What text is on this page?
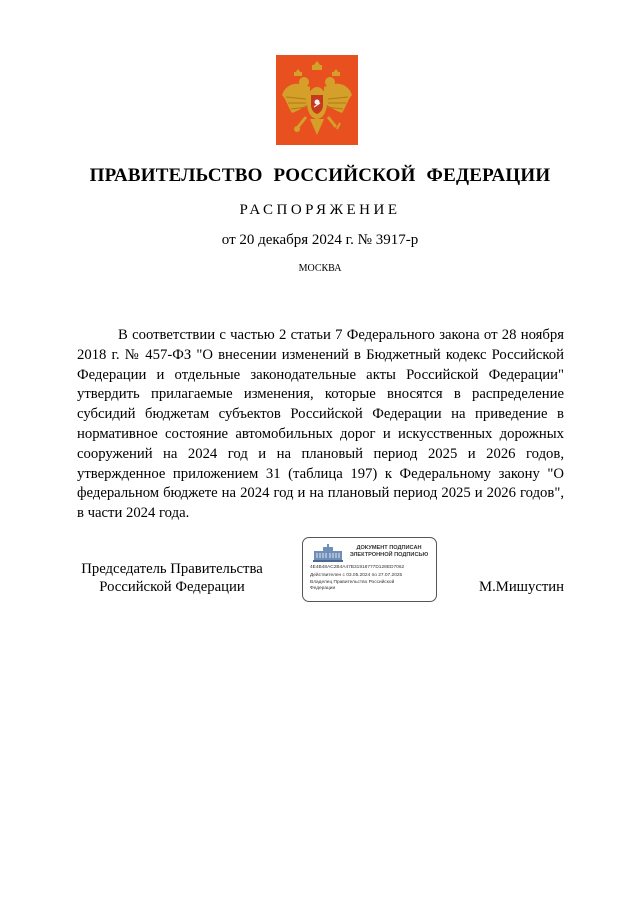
ПРАВИТЕЛЬСТВО РОССИЙСКОЙ ФЕДЕРАЦИИ
РАСПОРЯЖЕНИЕ
от 20 декабря 2024 г. № 3917-р
МОСКВА

В соответствии с частью 2 статьи 7 Федерального закона от 28 ноября 2018 г. № 457-ФЗ "О внесении изменений в Бюджетный кодекс Российской Федерации и отдельные законодательные акты Российской Федерации" утвердить прилагаемые изменения, которые вносятся в распределение субсидий бюджетам субъектов Российской Федерации на приведение в нормативное состояние автомобильных дорог и искусственных дорожных сооружений на 2024 год и на плановый период 2025 и 2026 годов, утвержденное приложением 31 (таблица 197) к Федеральному закону "О федеральном бюджете на 2024 год и на плановый период 2025 и 2026 годов", в части 2024 года.

Председатель Правительства
Российской Федерации
ДОКУМЕНТ ПОДПИСАН
ЭЛЕКТРОННОЙ ПОДПИСЬЮ
4E4B48AC2B4A47B31918777D128ED7062
Действителен с 03.05.2024 по 27.07.2025
Владелец Правительство Российской
Федерации	М.Мишустин
